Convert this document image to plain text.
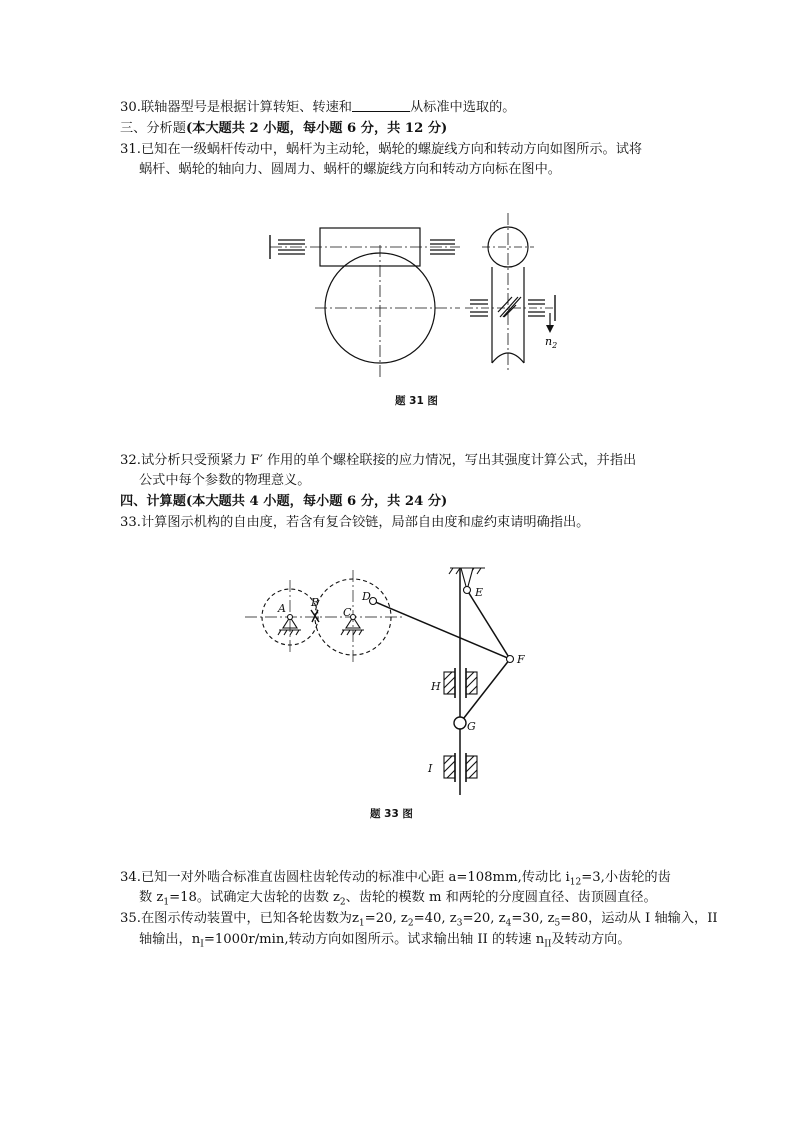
30.联轴器型号是根据计算转矩、转速和	从标准中选取的。
三、分析题(本大题共 2 小题，每小题 6 分，共 12 分)
31.已知在一级蜗杆传动中，蜗杆为主动轮，蜗轮的螺旋线方向和转动方向如图所示。试将
蜗杆、蜗轮的轴向力、圆周力、蜗杆的螺旋线方向和转动方向标在图中。
$n_2$
题 31 图
32.试分析只受预紧力 F′ 作用的单个螺栓联接的应力情况，写出其强度计算公式，并指出
公式中每个参数的物理意义。
四、计算题(本大题共 4 小题，每小题 6 分，共 24 分)
33.计算图示机构的自由度，若含有复合铰链，局部自由度和虚约束请明确指出。
A B
C
D	E
F
G
H
I
题 33 图
34.已知一对外啮合标准直齿圆柱齿轮传动的标准中心距 a=108mm,传动比 $i_{12}=3$,小齿轮的齿
数 $z_1=18$。试确定大齿轮的齿数 $z_2$、齿轮的模数 m 和两轮的分度圆直径、齿顶圆直径。
35.在图示传动装置中，已知各轮齿数为$z_1=20$, $z_2=40$, $z_3=20$, $z_4=30$, $z_5=80$，运动从 I 轴输入，II
轴输出，$n_I=1000r/\min$,转动方向如图所示。试求输出轴 II 的转速 $n_{II}$及转动方向。
